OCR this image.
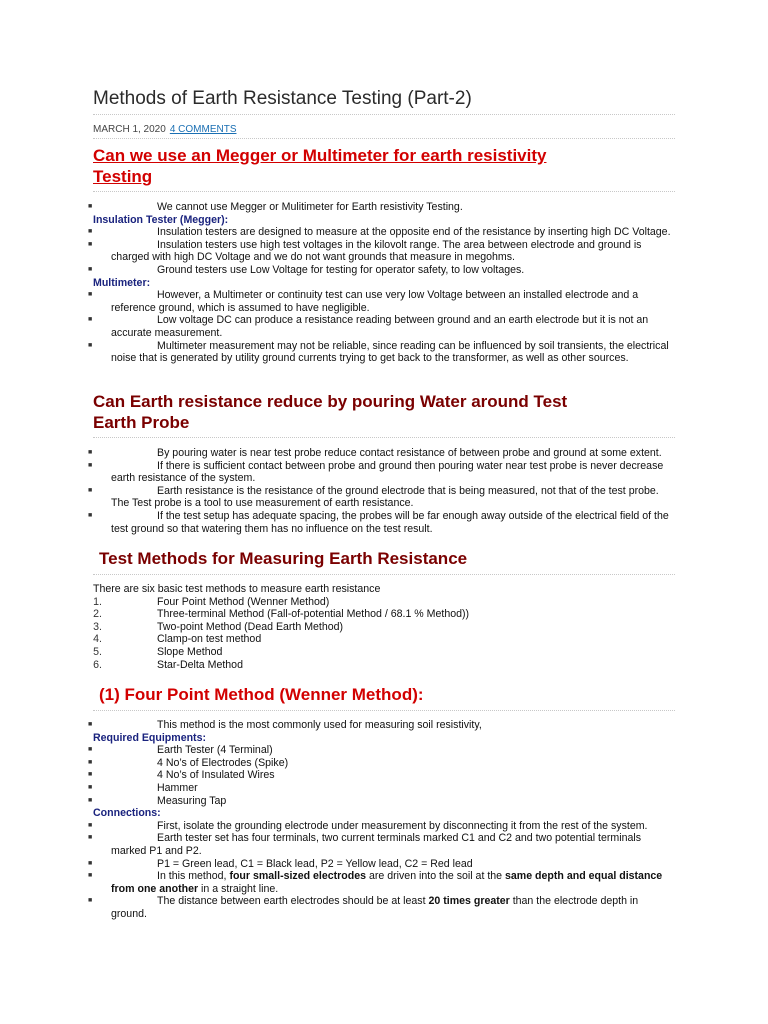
Methods of Earth Resistance Testing (Part-2)
MARCH 1, 2020 4 COMMENTS
Can we use an Megger or Multimeter for earth resistivity
Testing
■	We cannot use Megger or Mulitimeter for Earth resistivity Testing.
Insulation Tester (Megger):
■	Insulation testers are designed to measure at the opposite end of the resistance by inserting high DC Voltage.
■	Insulation testers use high test voltages in the kilovolt range. The area between electrode and ground is charged with high DC Voltage and we do not want grounds that measure in megohms.
■	Ground testers use Low Voltage for testing for operator safety, to low voltages.
Multimeter:
■	However, a Multimeter or continuity test can use very low Voltage between an installed electrode and a reference ground, which is assumed to have negligible.
■	Low voltage DC can produce a resistance reading between ground and an earth electrode but it is not an accurate measurement.
■	Multimeter measurement may not be reliable, since reading can be influenced by soil transients, the electrical noise that is generated by utility ground currents trying to get back to the transformer, as well as other sources.
Can Earth resistance reduce by pouring Water around Test
Earth Probe
■	By pouring water is near test probe reduce contact resistance of between probe and ground at some extent.
■	If there is sufficient contact between probe and ground then pouring water near test probe is never decrease earth resistance of the system.
■	Earth resistance is the resistance of the ground electrode that is being measured, not that of the test probe. The Test probe is a tool to use measurement of earth resistance.
■	If the test setup has adequate spacing, the probes will be far enough away outside of the electrical field of the test ground so that watering them has no influence on the test result.
Test Methods for Measuring Earth Resistance
There are six basic test methods to measure earth resistance
1.	Four Point Method (Wenner Method)
2.	Three-terminal Method (Fall-of-potential Method / 68.1 % Method))
3.	Two-point Method (Dead Earth Method)
4.	Clamp-on test method
5.	Slope Method
6.	Star-Delta Method
(1) Four Point Method (Wenner Method):
■	This method is the most commonly used for measuring soil resistivity,
Required Equipments:
■	Earth Tester (4 Terminal)
■	4 No’s of Electrodes (Spike)
■	4 No’s of Insulated Wires
■	Hammer
■	Measuring Tap
Connections:
■	First, isolate the grounding electrode under measurement by disconnecting it from the rest of the system.
■	Earth tester set has four terminals, two current terminals marked C1 and C2 and two potential terminals marked P1 and P2.
■	P1 = Green lead, C1 = Black lead, P2 = Yellow lead, C2 = Red lead
■	In this method, four small-sized electrodes are driven into the soil at the same depth and equal distance from one another in a straight line.
■	The distance between earth electrodes should be at least 20 times greater than the electrode depth in ground.
